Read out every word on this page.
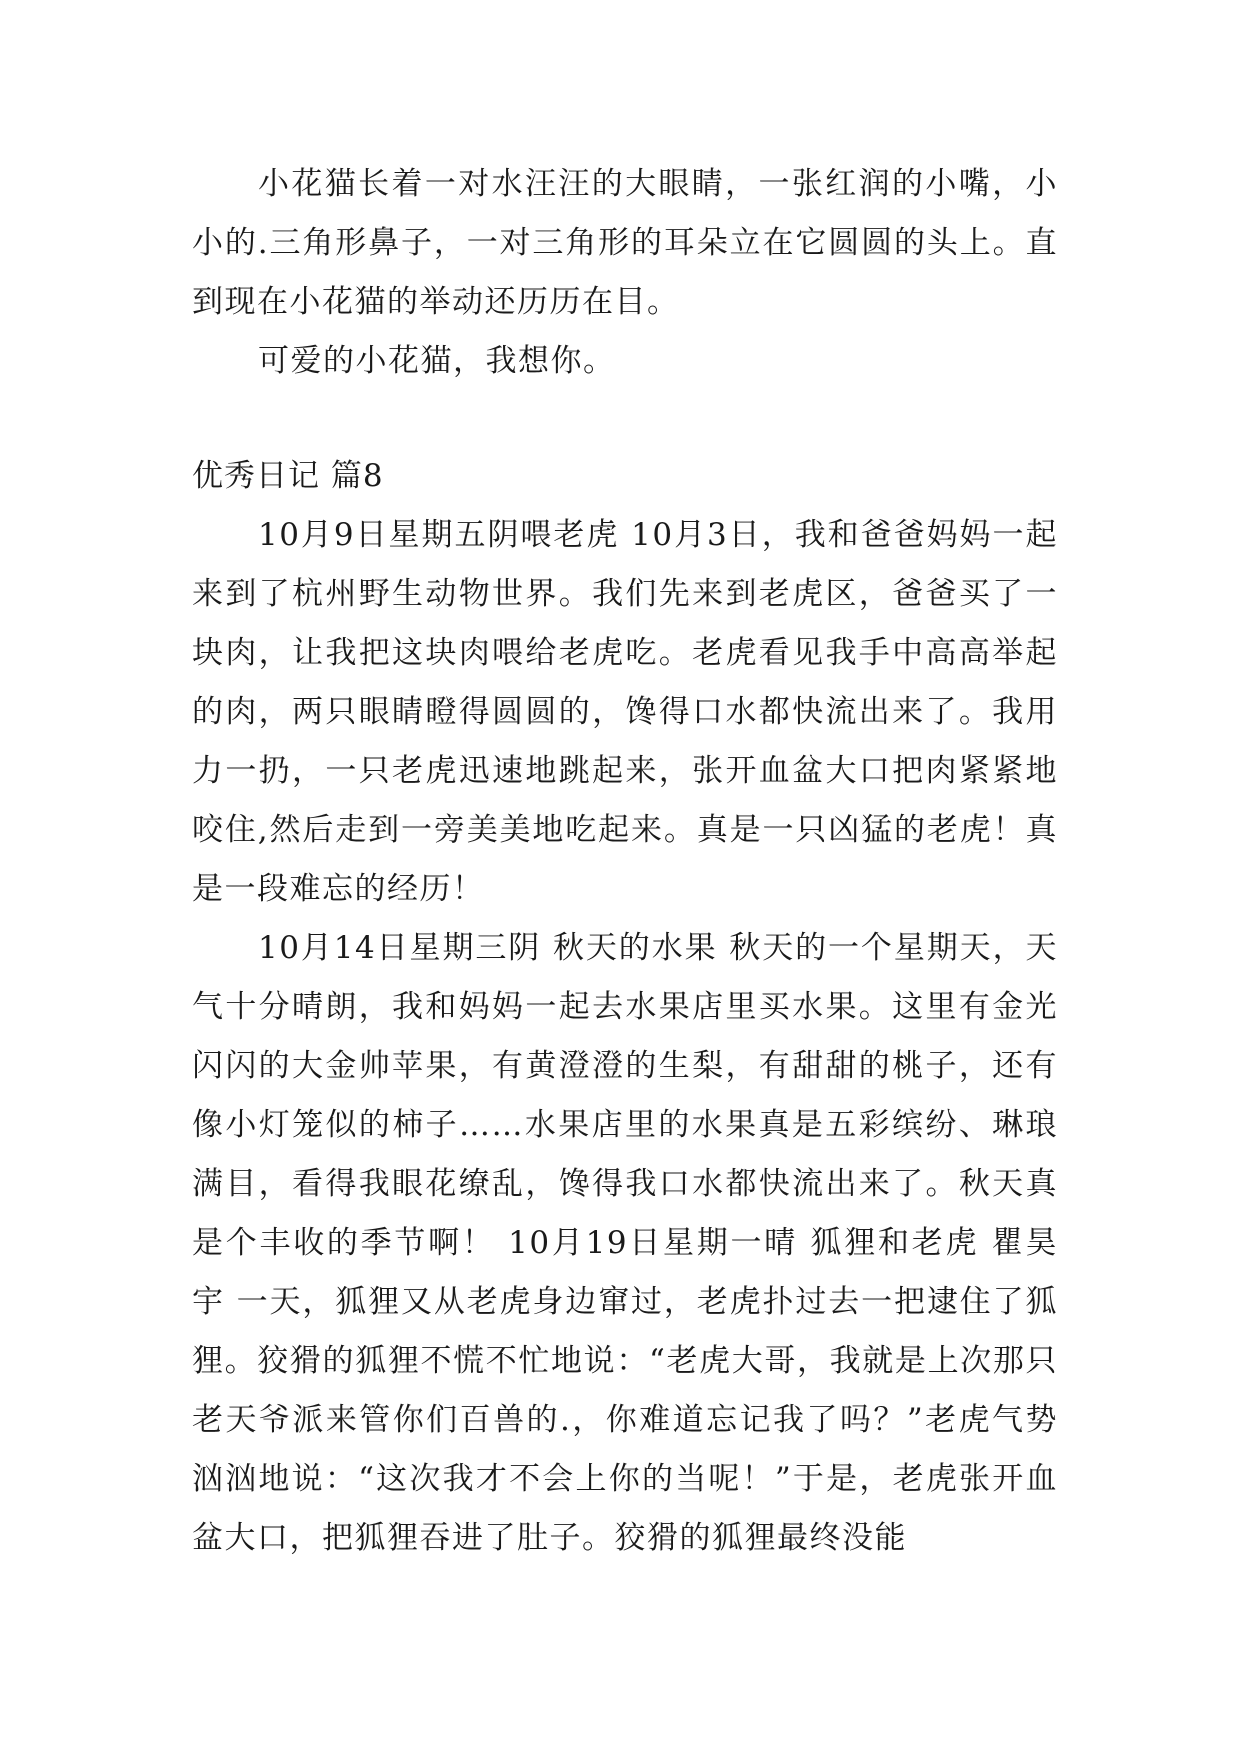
小花猫长着一对水汪汪的大眼睛，一张红润的小嘴，小小的.三角形鼻子，一对三角形的耳朵立在它圆圆的头上。直到现在小花猫的举动还历历在目。

可爱的小花猫，我想你。

优秀日记 篇8

10月9日星期五阴喂老虎 10月3日，我和爸爸妈妈一起来到了杭州野生动物世界。我们先来到老虎区，爸爸买了一块肉，让我把这块肉喂给老虎吃。老虎看见我手中高高举起的肉，两只眼睛瞪得圆圆的，馋得口水都快流出来了。我用力一扔，一只老虎迅速地跳起来，张开血盆大口把肉紧紧地咬住,然后走到一旁美美地吃起来。真是一只凶猛的老虎！真是一段难忘的经历！

10月14日星期三阴 秋天的水果 秋天的一个星期天，天气十分晴朗，我和妈妈一起去水果店里买水果。这里有金光闪闪的大金帅苹果，有黄澄澄的生梨，有甜甜的桃子，还有像小灯笼似的柿子……水果店里的水果真是五彩缤纷、琳琅满目，看得我眼花缭乱，馋得我口水都快流出来了。秋天真是个丰收的季节啊！ 10月19日星期一晴 狐狸和老虎 瞿昊宇 一天，狐狸又从老虎身边窜过，老虎扑过去一把逮住了狐狸。狡猾的狐狸不慌不忙地说：“老虎大哥，我就是上次那只老天爷派来管你们百兽的.，你难道忘记我了吗？”老虎气势汹汹地说：“这次我才不会上你的当呢！”于是，老虎张开血盆大口，把狐狸吞进了肚子。狡猾的狐狸最终没能
